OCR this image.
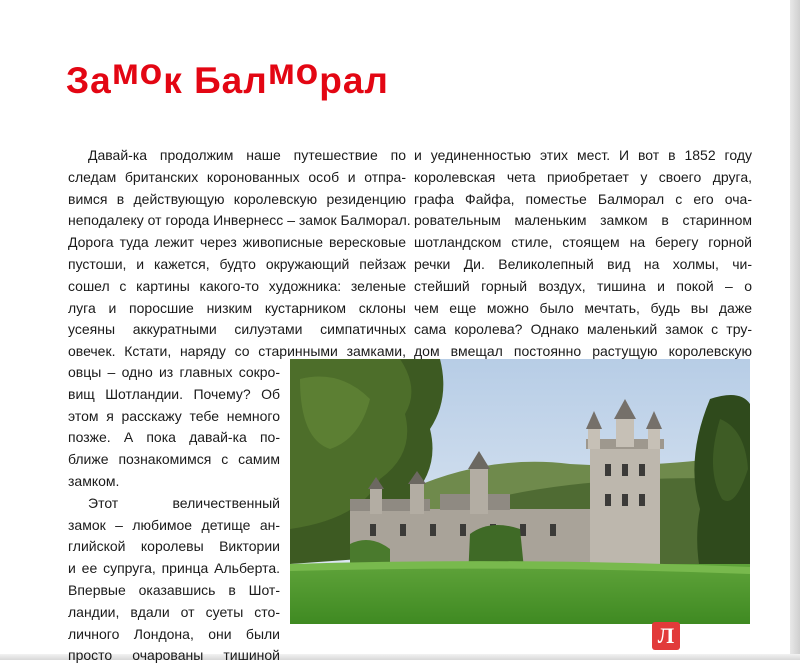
Замок Балморал
Давай-ка продолжим наше путешествие по
следам британских коронованных особ и отпра-
вимся в действующую королевскую резиденцию
неподалеку от города Инвернесс – замок Балморал.
Дорога туда лежит через живописные вересковые
пустоши, и кажется, будто окружающий пейзаж
сошел с картины какого-то художника: зеленые
луга и поросшие низким кустарником склоны
усеяны аккуратными силуэтами симпатичных
овечек. Кстати, наряду со старинными замками,
овцы – одно из главных сокро-
вищ Шотландии. Почему? Об
этом я расскажу тебе немного
позже. А пока давай-ка по-
ближе познакомимся с самим
замком.
Этот величественный
замок – любимое детище ан-
глийской королевы Виктории
и ее супруга, принца Альберта.
Впервые оказавшись в Шот-
ландии, вдали от суеты сто-
личного Лондона, они были
просто очарованы тишиной
и уединенностью этих мест. И вот в 1852 году
королевская чета приобретает у своего друга,
графа Файфа, поместье Балморал с его оча-
ровательным маленьким замком в старинном
шотландском стиле, стоящем на берегу горной
речки Ди. Великолепный вид на холмы, чи-
стейший горный воздух, тишина и покой – о
чем еще можно было мечтать, будь вы даже
сама королева? Однако маленький замок с тру-
дом вмещал постоянно растущую королевскую
Л
